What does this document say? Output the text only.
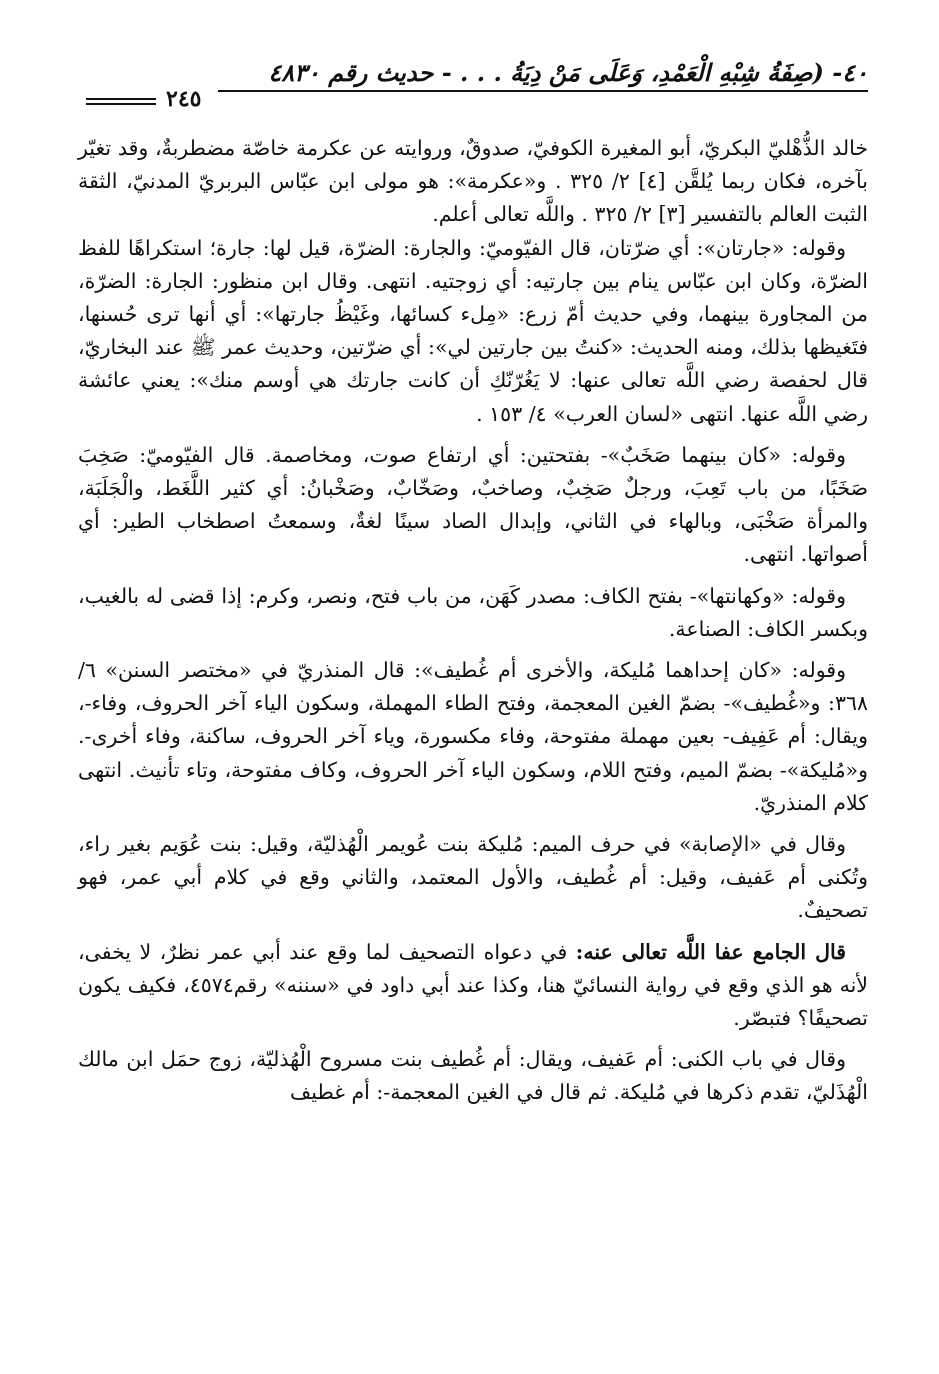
٤٠- (صِفَةُ شِبْهِ الْعَمْدِ، وَعَلَى مَنْ دِيَةُ . . . - حديث رقم ٤٨٣٠
٢٤٥

خالد الذُّهْليّ البكريّ، أبو المغيرة الكوفيّ، صدوقٌ، وروايته عن عكرمة خاصّة مضطربةٌ، وقد تغيّر بآخره، فكان ربما يُلقَّن [٤] ٢/ ٣٢٥ . و«عكرمة»: هو مولى ابن عبّاس البربريّ المدنيّ، الثقة الثبت العالم بالتفسير [٣] ٢/ ٣٢٥ . واللَّه تعالى أعلم.

وقوله: «جارتان»: أي ضرّتان، قال الفيّوميّ: والجارة: الضرّة، قيل لها: جارة؛ استكراهًا للفظ الضرّة، وكان ابن عبّاس ينام بين جارتيه: أي زوجتيه. انتهى. وقال ابن منظور: الجارة: الضرّة، من المجاورة بينهما، وفي حديث أمّ زرع: «مِلء كسائها، وغَيْظُ جارتها»: أي أنها ترى حُسنها، فتَغيظها بذلك، ومنه الحديث: «كنتُ بين جارتين لي»: أي ضرّتين، وحديث عمر ﷺ عند البخاريّ، قال لحفصة رضي اللَّه تعالى عنها: لا يَغُرّنّكِ أن كانت جارتك هي أوسم منك»: يعني عائشة رضي اللَّه عنها. انتهى «لسان العرب» ٤/ ١٥٣ .

وقوله: «كان بينهما صَخَبٌ»- بفتحتين: أي ارتفاع صوت، ومخاصمة. قال الفيّوميّ: صَخِبَ صَخَبًا، من باب تَعِبَ، ورجلٌ صَخِبٌ، وصاخبٌ، وصَخّابٌ، وصَخْبانُ: أي كثير اللَّغَط، والْجَلَبَة، والمرأة صَخْبَى، وبالهاء في الثاني، وإبدال الصاد سينًا لغةٌ، وسمعتُ اصطخاب الطير: أي أصواتها. انتهى.

وقوله: «وكهانتها»- بفتح الكاف: مصدر كَهَن، من باب فتح، ونصر، وكرم: إذا قضى له بالغيب، وبكسر الكاف: الصناعة.

وقوله: «كان إحداهما مُليكة، والأخرى أم غُطيف»: قال المنذريّ في «مختصر السنن» ٦/ ٣٦٨: و«غُطيف»- بضمّ الغين المعجمة، وفتح الطاء المهملة، وسكون الياء آخر الحروف، وفاء-، ويقال: أم عَفِيف- بعين مهملة مفتوحة، وفاء مكسورة، وياء آخر الحروف، ساكنة، وفاء أخرى-. و«مُليكة»- بضمّ الميم، وفتح اللام، وسكون الياء آخر الحروف، وكاف مفتوحة، وتاء تأنيث. انتهى كلام المنذريّ.

وقال في «الإصابة» في حرف الميم: مُليكة بنت عُويمر الْهُذليّة، وقيل: بنت عُوَيم بغير راء، وتُكنى أم عَفيف، وقيل: أم غُطيف، والأول المعتمد، والثاني وقع في كلام أبي عمر، فهو تصحيفٌ.

قال الجامع عفا اللَّه تعالى عنه: في دعواه التصحيف لما وقع عند أبي عمر نظرٌ، لا يخفى، لأنه هو الذي وقع في رواية النسائيّ هنا، وكذا عند أبي داود في «سننه» رقم٤٥٧٤، فكيف يكون تصحيفًا؟ فتبصّر.

وقال في باب الكنى: أم عَفيف، ويقال: أم غُطيف بنت مسروح الْهُذليّة، زوج حمَل ابن مالك الْهُذَليّ، تقدم ذكرها في مُليكة. ثم قال في الغين المعجمة-: أم غطيف
